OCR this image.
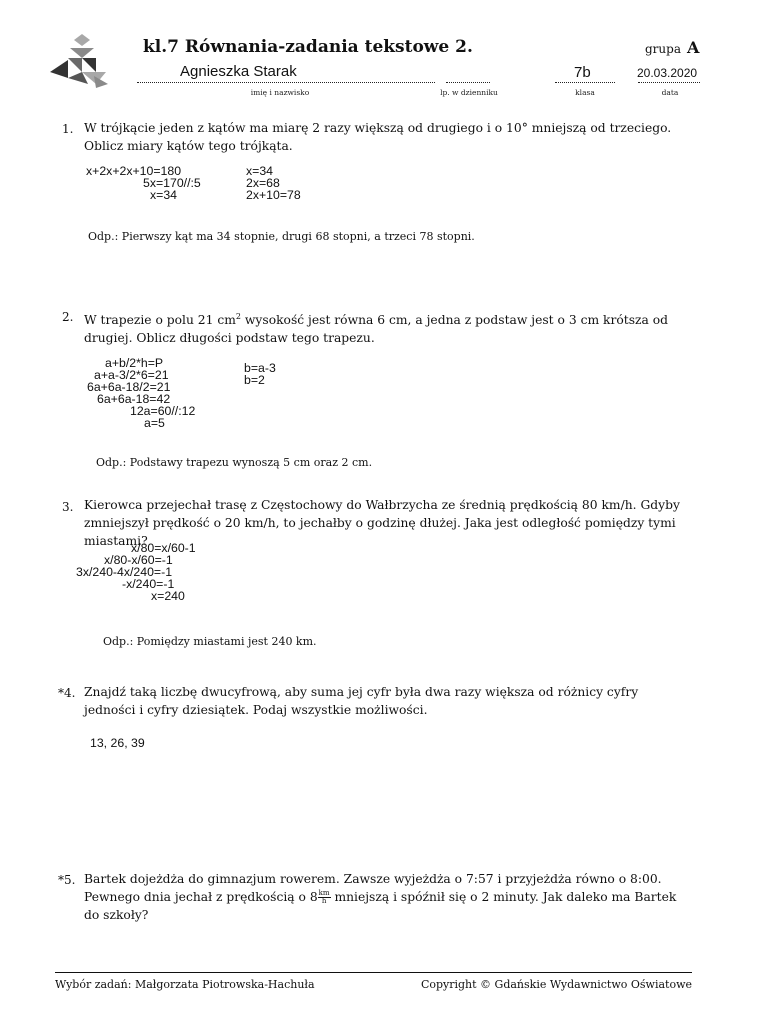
kl.7 Równania-zadania tekstowe 2.	grupa A
Agnieszka Starak
imię i nazwisko	lp. w dzienniku
7b
klasa
20.03.2020
data
1. W trójkącie jeden z kątów ma miarę 2 razy większą od drugiego i o 10° mniejszą od trzeciego. Oblicz miary kątów tego trójkąta.
x+2x+2x+10=180
5x=170//:5
x=34
x=34
2x=68
2x+10=78
Odp.: Pierwszy kąt ma 34 stopnie, drugi 68 stopni, a trzeci 78 stopni.
2. W trapezie o polu 21 $cm^2$ wysokość jest równa 6 cm, a jedna z podstaw jest o 3 cm krótsza od drugiej. Oblicz długości podstaw tego trapezu.
a+b/2*h=P
a+a-3/2*6=21
6a+6a-18/2=21
6a+6a-18=42
12a=60//:12
a=5
b=a-3
b=2
Odp.: Podstawy trapezu wynoszą 5 cm oraz 2 cm.
3. Kierowca przejechał trasę z Częstochowy do Wałbrzycha ze średnią prędkością 80 km/h. Gdyby zmniejszył prędkość o 20 km/h, to jechałby o godzinę dłużej. Jaka jest odległość pomiędzy tymi miastami?
x/80=x/60-1
x/80-x/60=-1
3x/240-4x/240=-1
-x/240=-1
x=240
Odp.: Pomiędzy miastami jest 240 km.
*4. Znajdź taką liczbę dwucyfrową, aby suma jej cyfr była dwa razy większa od różnicy cyfry jedności i cyfry dziesiątek. Podaj wszystkie możliwości.
13, 26, 39
*5. Bartek dojeżdża do gimnazjum rowerem. Zawsze wyjeżdża o 7:57 i przyjeżdża równo o 8:00. Pewnego dnia jechał z prędkością o $8 \frac{km}{h}$ mniejszą i spóźnił się o 2 minuty. Jak daleko ma Bartek do szkoły?
Wybór zadań: Małgorzata Piotrowska-Hachuła	Copyright © Gdańskie Wydawnictwo Oświatowe
